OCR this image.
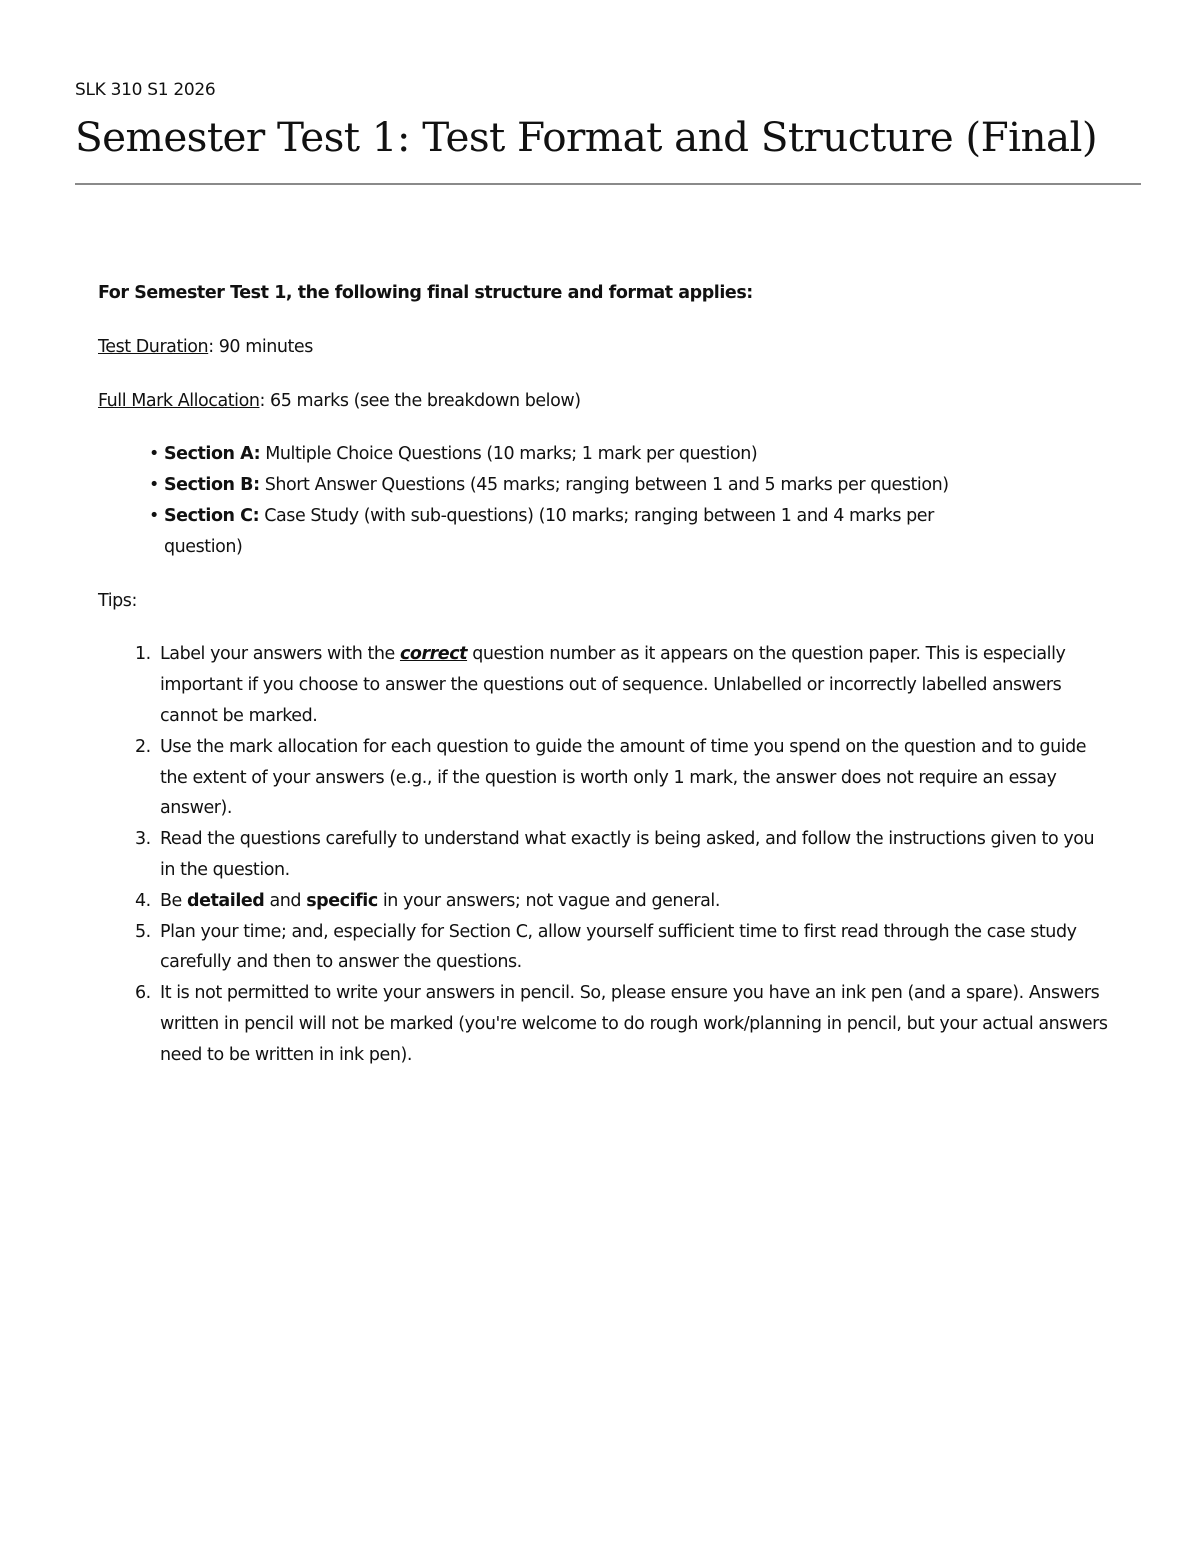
SLK 310 S1 2026
Semester Test 1: Test Format and Structure (Final)

For Semester Test 1, the following final structure and format applies:

Test Duration: 90 minutes

Full Mark Allocation: 65 marks (see the breakdown below)

• Section A: Multiple Choice Questions (10 marks; 1 mark per question)
• Section B: Short Answer Questions (45 marks; ranging between 1 and 5 marks per question)
• Section C: Case Study (with sub-questions) (10 marks; ranging between 1 and 4 marks per question)

Tips:

1. Label your answers with the correct question number as it appears on the question paper. This is especially important if you choose to answer the questions out of sequence. Unlabelled or incorrectly labelled answers cannot be marked.
2. Use the mark allocation for each question to guide the amount of time you spend on the question and to guide the extent of your answers (e.g., if the question is worth only 1 mark, the answer does not require an essay answer).
3. Read the questions carefully to understand what exactly is being asked, and follow the instructions given to you in the question.
4. Be detailed and specific in your answers; not vague and general.
5. Plan your time; and, especially for Section C, allow yourself sufficient time to first read through the case study carefully and then to answer the questions.
6. It is not permitted to write your answers in pencil. So, please ensure you have an ink pen (and a spare). Answers written in pencil will not be marked (you're welcome to do rough work/planning in pencil, but your actual answers need to be written in ink pen).
